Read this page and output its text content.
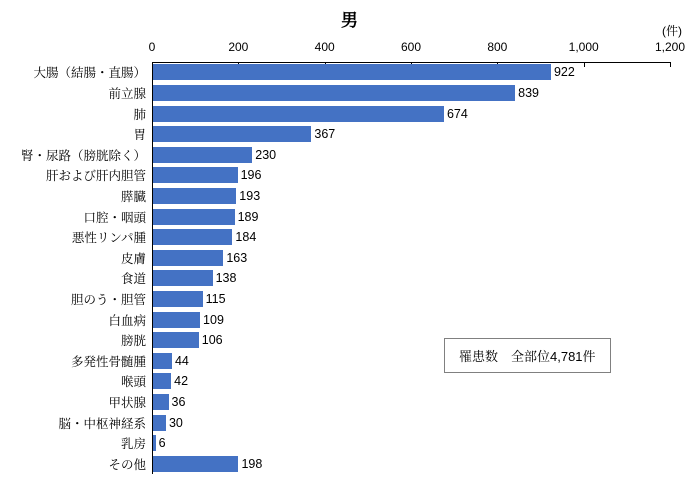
男
(件)
0	200	400	600	800	1,000	1,200
大腸（結腸・直腸）	922
前立腺	839
肺	674
胃	367
腎・尿路（膀胱除く）	230
肝および肝内胆管	196
膵臓	193
口腔・咽頭	189
悪性リンパ腫	184
皮膚	163
食道	138
胆のう・胆管	115
白血病	109
膀胱	106
多発性骨髄腫 44
喉頭 42
甲状腺 36
脳・中枢神経系 30
乳房 6
その他	198
罹患数　全部位4,781件
